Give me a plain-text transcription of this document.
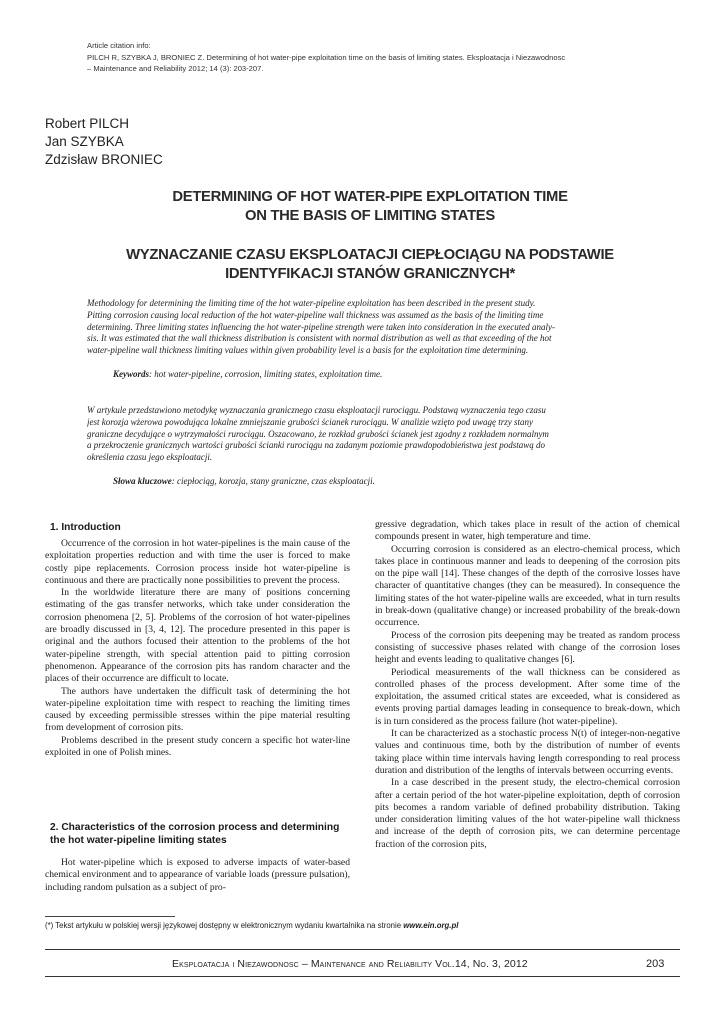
Article citation info:
PILCH R, SZYBKA J, BRONIEC Z. Determining of hot water-pipe exploitation time on the basis of limiting states. Eksploatacja i Niezawodnosc
– Maintenance and Reliability 2012; 14 (3): 203-207.
Robert PILCH
Jan SZYBKA
Zdzisław BRONIEC
DETERMINING OF HOT WATER-PIPE EXPLOITATION TIME
ON THE BASIS OF LIMITING STATES
WYZNACZANIE CZASU EKSPLOATACJI CIEPŁOCIĄGU NA PODSTAWIE
IDENTYFIKACJI STANÓW GRANICZNYCH*
Methodology for determining the limiting time of the hot water-pipeline exploitation has been described in the present study.
Pitting corrosion causing local reduction of the hot water-pipeline wall thickness was assumed as the basis of the limiting time
determining. Three limiting states influencing the hot water-pipeline strength were taken into consideration in the executed analy-
sis. It was estimated that the wall thickness distribution is consistent with normal distribution as well as that exceeding of the hot
water-pipeline wall thickness limiting values within given probability level is a basis for the exploitation time determining.
Keywords: hot water-pipeline, corrosion, limiting states, exploitation time.
W artykule przedstawiono metodykę wyznaczania granicznego czasu eksploatacji rurociągu. Podstawą wyznaczenia tego czasu
jest korozja wżerowa powodująca lokalne zmniejszanie grubości ścianek rurociągu. W analizie wzięto pod uwagę trzy stany
graniczne decydujące o wytrzymałości rurociągu. Oszacowano, że rozkład grubości ścianek jest zgodny z rozkładem normalnym
a przekroczenie granicznych wartości grubości ścianki rurociągu na zadanym poziomie prawdopodobieństwa jest podstawą do
określenia czasu jego eksploatacji.
Słowa kluczowe: ciepłociąg, korozja, stany graniczne, czas eksploatacji.
1. Introduction

Occurrence of the corrosion in hot water-pipelines is the main cause of the exploitation properties reduction and with time the user is forced to make costly pipe replacements. Corrosion process inside hot water-pipeline is continuous and there are practically none possibilities to prevent the process.

In the worldwide literature there are many of positions concerning estimating of the gas transfer networks, which take under consideration the corrosion phenomena [2, 5]. Problems of the corrosion of hot water-pipelines are broadly discussed in [3, 4, 12]. The procedure presented in this paper is original and the authors focused their attention to the problems of the hot water-pipeline strength, with special attention paid to pitting corrosion phenomenon. Appearance of the corrosion pits has random character and the places of their occurrence are difficult to locate.

The authors have undertaken the difficult task of determining the hot water-pipeline exploitation time with respect to reaching the limiting times caused by exceeding permissible stresses within the pipe material resulting from development of corrosion pits.

Problems described in the present study concern a specific hot water-line exploited in one of Polish mines.

2. Characteristics of the corrosion process and determining the hot water-pipeline limiting states

Hot water-pipeline which is exposed to adverse impacts of water-based chemical environment and to appearance of variable loads (pressure pulsation), including random pulsation as a subject of pro-

gressive degradation, which takes place in result of the action of chemical compounds present in water, high temperature and time.

Occurring corrosion is considered as an electro-chemical process, which takes place in continuous manner and leads to deepening of the corrosion pits on the pipe wall [14]. These changes of the depth of the corrosive losses have character of quantitative changes (they can be measured). In consequence the limiting states of the hot water-pipeline walls are exceeded, what in turn results in break-down (qualitative change) or increased probability of the break-down occurrence.

Process of the corrosion pits deepening may be treated as random process consisting of successive phases related with change of the corrosion loses height and events leading to qualitative changes [6].

Periodical measurements of the wall thickness can be considered as controlled phases of the process development. After some time of the exploitation, the assumed critical states are exceeded, what is considered as events proving partial damages leading in consequence to break-down, which is in turn considered as the process failure (hot water-pipeline).

It can be characterized as a stochastic process N(t) of integer-non-negative values and continuous time, both by the distribution of number of events taking place within time intervals having length corresponding to real process duration and distribution of the lengths of intervals between occurring events.

In a case described in the present study, the electro-chemical corrosion after a certain period of the hot water-pipeline exploitation, depth of corrosion pits becomes a random variable of defined probability distribution. Taking under consideration limiting values of the hot water-pipeline wall thickness and increase of the depth of corrosion pits, we can determine percentage fraction of the corrosion pits,

(*) Tekst artykułu w polskiej wersji językowej dostępny w elektronicznym wydaniu kwartalnika na stronie www.ein.org.pl
Eksploatacja i Niezawodnosc – Maintenance and Reliability Vol.14, No. 3, 2012	203
